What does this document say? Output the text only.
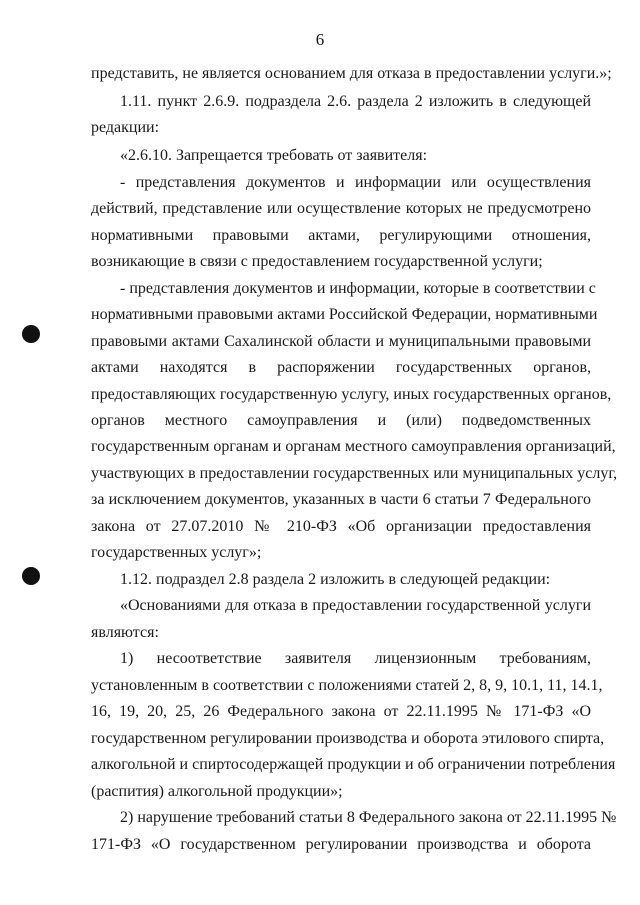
6
представить, не является основанием для отказа в предоставлении услуги.»;
1.11. пункт 2.6.9. подраздела 2.6. раздела 2 изложить в следующей
редакции:
«2.6.10. Запрещается требовать от заявителя:
- представления документов и информации или осуществления
действий, представление или осуществление которых не предусмотрено
нормативными правовыми актами, регулирующими отношения,
возникающие в связи с предоставлением государственной услуги;
- представления документов и информации, которые в соответствии с
нормативными правовыми актами Российской Федерации, нормативными
правовыми актами Сахалинской области и муниципальными правовыми
актами находятся в распоряжении государственных органов,
предоставляющих государственную услугу, иных государственных органов,
органов местного самоуправления и (или) подведомственных
государственным органам и органам местного самоуправления организаций,
участвующих в предоставлении государственных или муниципальных услуг,
за исключением документов, указанных в части 6 статьи 7 Федерального
закона от 27.07.2010 № 210-ФЗ «Об организации предоставления
государственных услуг»;
1.12. подраздел 2.8 раздела 2 изложить в следующей редакции:
«Основаниями для отказа в предоставлении государственной услуги
являются:
1) несоответствие заявителя лицензионным требованиям,
установленным в соответствии с положениями статей 2, 8, 9, 10.1, 11, 14.1,
16, 19, 20, 25, 26 Федерального закона от 22.11.1995 № 171-ФЗ «О
государственном регулировании производства и оборота этилового спирта,
алкогольной и спиртосодержащей продукции и об ограничении потребления
(распития) алкогольной продукции»;
2) нарушение требований статьи 8 Федерального закона от 22.11.1995 №
171-ФЗ «О государственном регулировании производства и оборота
